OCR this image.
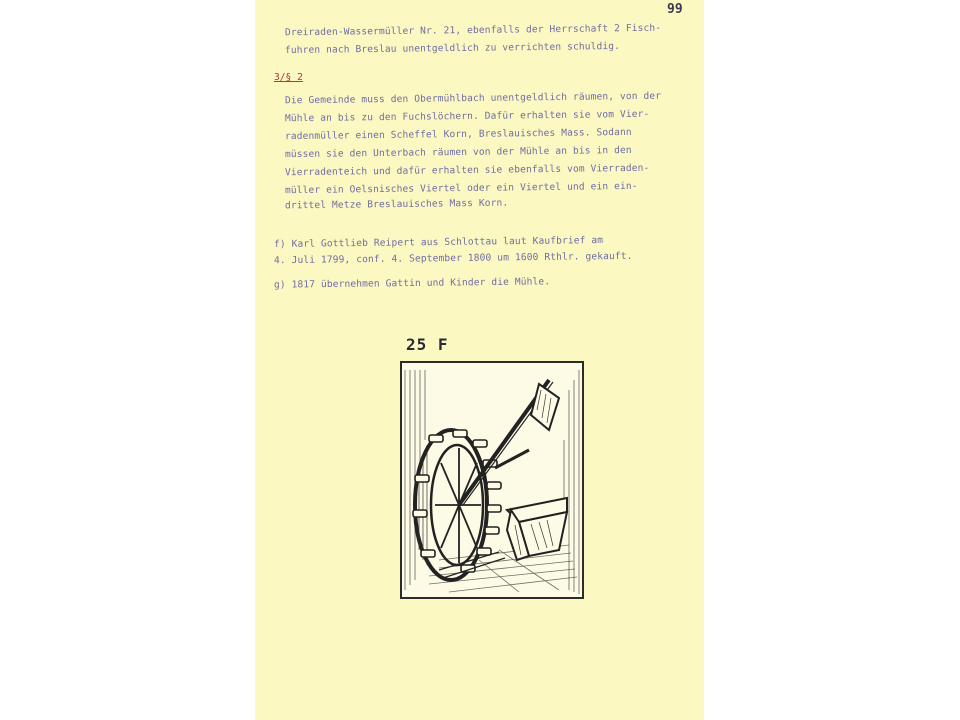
99
Dreiraden-Wassermüller Nr. 21, ebenfalls der Herrschaft 2 Fisch-
fuhren nach Breslau unentgeldlich zu verrichten schuldig.
3/§ 2
Die Gemeinde muss den Obermühlbach unentgeldlich räumen, von der
Mühle an bis zu den Fuchslöchern. Dafür erhalten sie vom Vier-
radenmüller einen Scheffel Korn, Breslauisches Mass. Sodann
müssen sie den Unterbach räumen von der Mühle an bis in den
Vierradenteich und dafür erhalten sie ebenfalls vom Vierraden-
müller ein Oelsnisches Viertel oder ein Viertel und ein ein-
drittel Metze Breslauisches Mass Korn.
f) Karl Gottlieb Reipert aus Schlottau laut Kaufbrief am
4. Juli 1799, conf. 4. September 1800 um 1600 Rthlr. gekauft.
g) 1817 übernehmen Gattin und Kinder die Mühle.
25 F
